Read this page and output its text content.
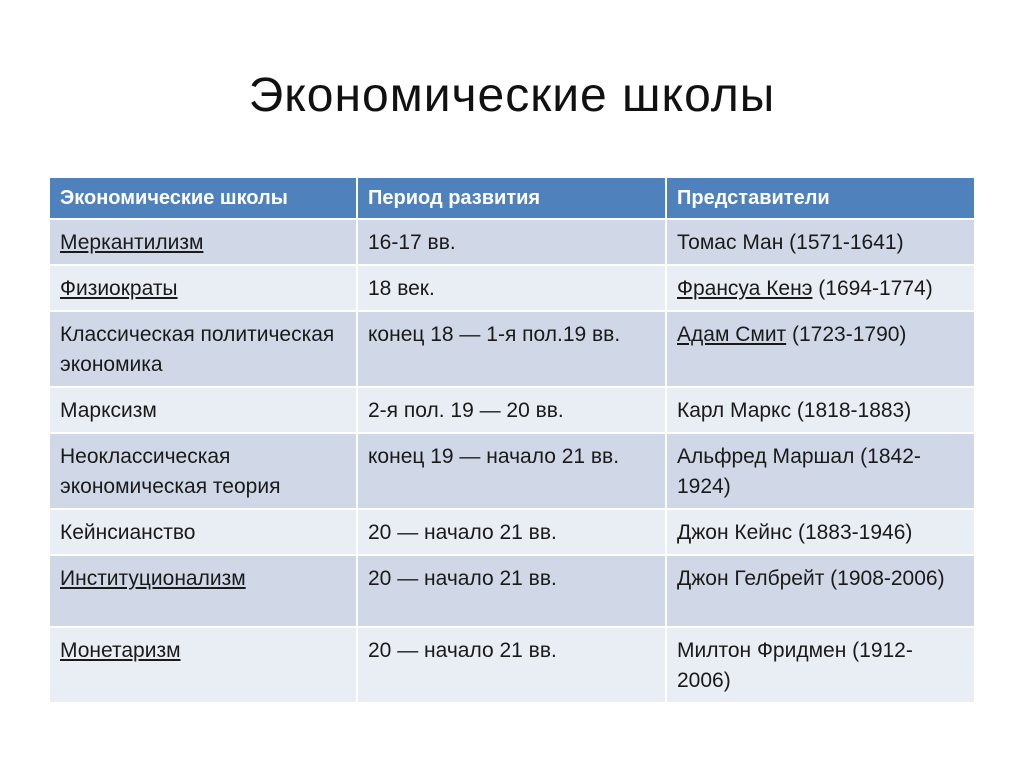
Экономические школы
Экономические школы	Период развития	Представители
Меркантилизм	16-17 вв.	Томас Ман (1571-1641)
Физиократы	18 век.	Франсуа Кенэ (1694-1774)
Классическая политическая экономика	конец 18 — 1-я пол.19 вв.	Адам Смит (1723-1790)
Марксизм	2-я пол. 19 — 20 вв.	Карл Маркс (1818-1883)
Неоклассическая экономическая теория	конец 19 — начало 21 вв.	Альфред Маршал (1842-1924)
Кейнсианство	20 — начало 21 вв.	Джон Кейнс (1883-1946)
Институционализм	20 — начало 21 вв.	Джон Гелбрейт (1908-2006)
Монетаризм	20 — начало 21 вв.	Милтон Фридмен (1912-2006)
